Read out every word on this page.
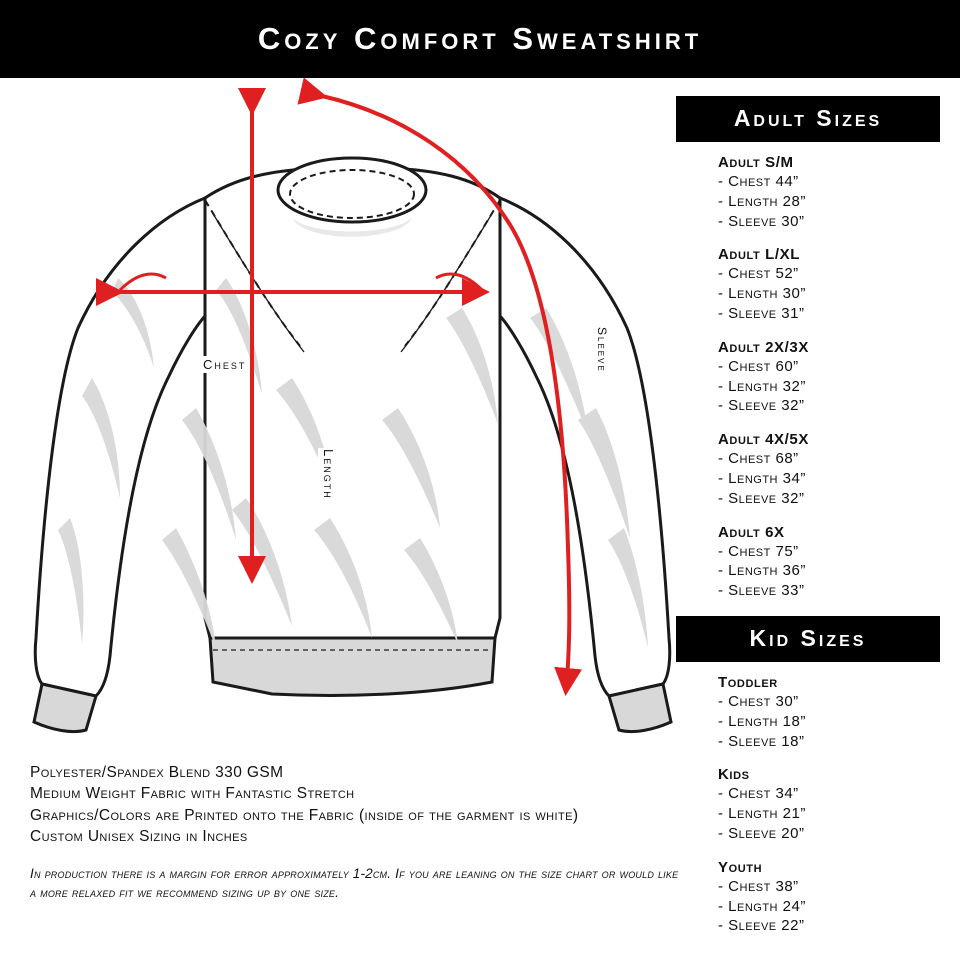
Cozy Comfort Sweatshirt
Chest
Length
Sleeve
Adult Sizes
Adult S/M
- Chest 44”
- Length 28”
- Sleeve 30”
Adult L/XL
- Chest 52”
- Length 30”
- Sleeve 31”
Adult 2X/3X
- Chest 60”
- Length 32”
- Sleeve 32”
Adult 4X/5X
- Chest 68”
- Length 34”
- Sleeve 32”
Adult 6X
- Chest 75”
- Length 36”
- Sleeve 33”
Kid Sizes
Toddler
- Chest 30”
- Length 18”
- Sleeve 18”
Kids
- Chest 34”
- Length 21”
- Sleeve 20”
Youth
- Chest 38”
- Length 24”
- Sleeve 22”
Polyester/Spandex Blend 330 GSM
Medium Weight Fabric with Fantastic Stretch
Graphics/Colors are Printed onto the Fabric (inside of the garment is white)
Custom Unisex Sizing in Inches
In production there is a margin for error approximately 1-2cm. If you are leaning on the size chart or would like a more relaxed fit we recommend sizing up by one size.
